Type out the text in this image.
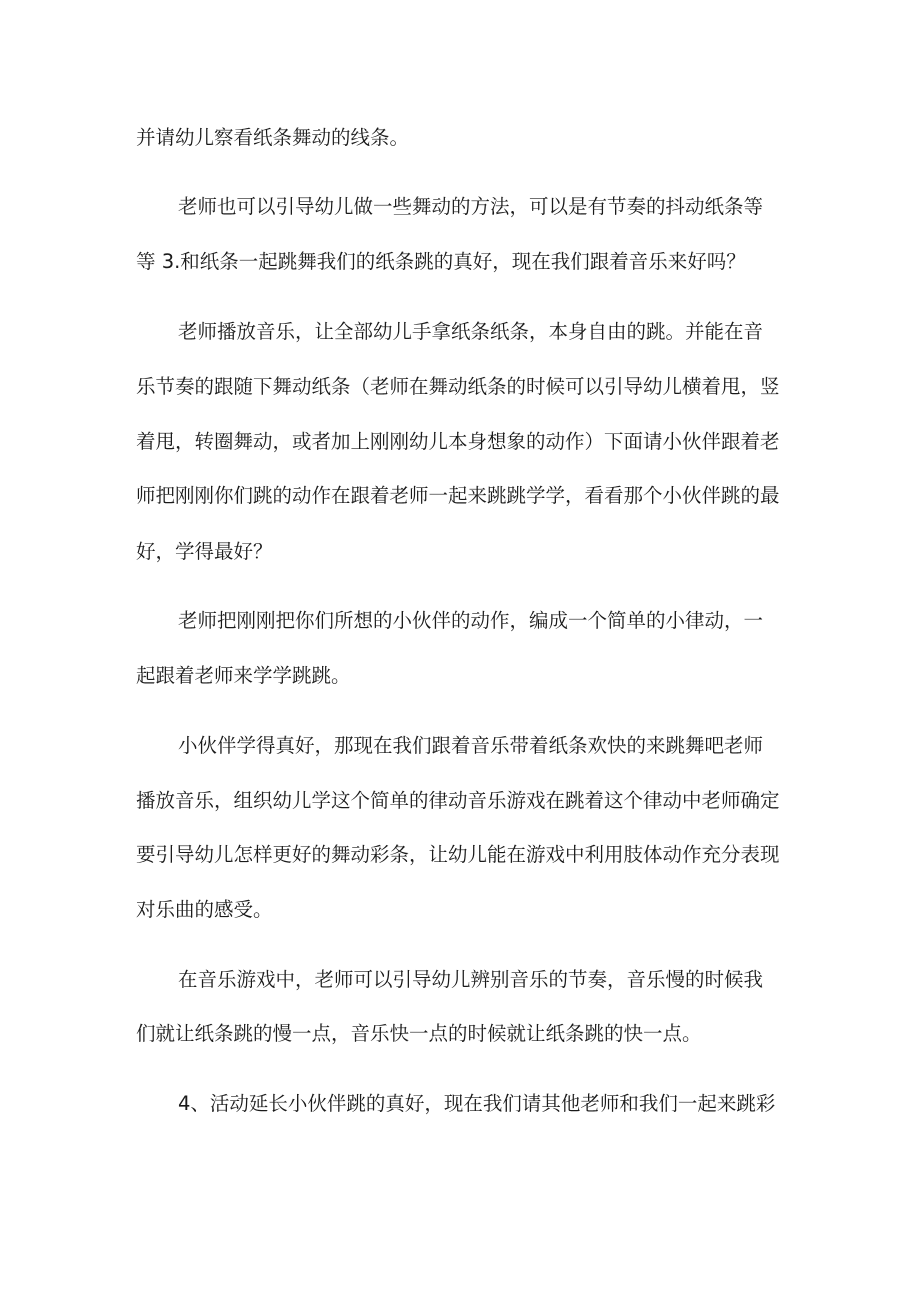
并请幼儿察看纸条舞动的线条。
老师也可以引导幼儿做一些舞动的方法，可以是有节奏的抖动纸条等
等 3.和纸条一起跳舞我们的纸条跳的真好，现在我们跟着音乐来好吗？
老师播放音乐，让全部幼儿手拿纸条纸条，本身自由的跳。并能在音
乐节奏的跟随下舞动纸条（老师在舞动纸条的时候可以引导幼儿横着甩，竖
着甩，转圈舞动，或者加上刚刚幼儿本身想象的动作）下面请小伙伴跟着老
师把刚刚你们跳的动作在跟着老师一起来跳跳学学，看看那个小伙伴跳的最
好，学得最好？
老师把刚刚把你们所想的小伙伴的动作，编成一个简单的小律动，一
起跟着老师来学学跳跳。
小伙伴学得真好，那现在我们跟着音乐带着纸条欢快的来跳舞吧老师
播放音乐，组织幼儿学这个简单的律动音乐游戏在跳着这个律动中老师确定
要引导幼儿怎样更好的舞动彩条，让幼儿能在游戏中利用肢体动作充分表现
对乐曲的感受。
在音乐游戏中，老师可以引导幼儿辨别音乐的节奏，音乐慢的时候我
们就让纸条跳的慢一点，音乐快一点的时候就让纸条跳的快一点。
4、活动延长小伙伴跳的真好，现在我们请其他老师和我们一起来跳彩
